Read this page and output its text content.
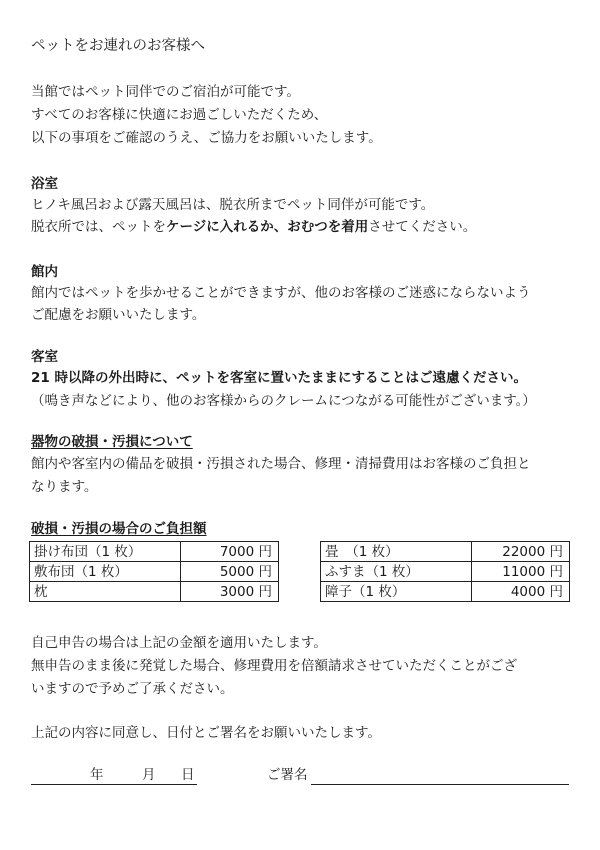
ペットをお連れのお客様へ
当館ではペット同伴でのご宿泊が可能です。
すべてのお客様に快適にお過ごしいただくため、
以下の事項をご確認のうえ、ご協力をお願いいたします。
浴室
ヒノキ風呂および露天風呂は、脱衣所までペット同伴が可能です。
脱衣所では、ペットをケージに入れるか、おむつを着用させてください。
館内
館内ではペットを歩かせることができますが、他のお客様のご迷惑にならないよう
ご配慮をお願いいたします。
客室
21 時以降の外出時に、ペットを客室に置いたままにすることはご遠慮ください。
（鳴き声などにより、他のお客様からのクレームにつながる可能性がございます。）
器物の破損・汚損について
館内や客室内の備品を破損・汚損された場合、修理・清掃費用はお客様のご負担と
なります。
破損・汚損の場合のご負担額
掛け布団（1 枚）	7000 円
敷布団（1 枚）	5000 円
枕	3000 円
畳　（1 枚）	22000 円
ふすま（1 枚）	11000 円
障子（1 枚）	4000 円
自己申告の場合は上記の金額を適用いたします。
無申告のまま後に発覚した場合、修理費用を倍額請求させていただくことがござ
いますので予めご了承ください。
上記の内容に同意し、日付とご署名をお願いいたします。
年	月 日	ご署名
